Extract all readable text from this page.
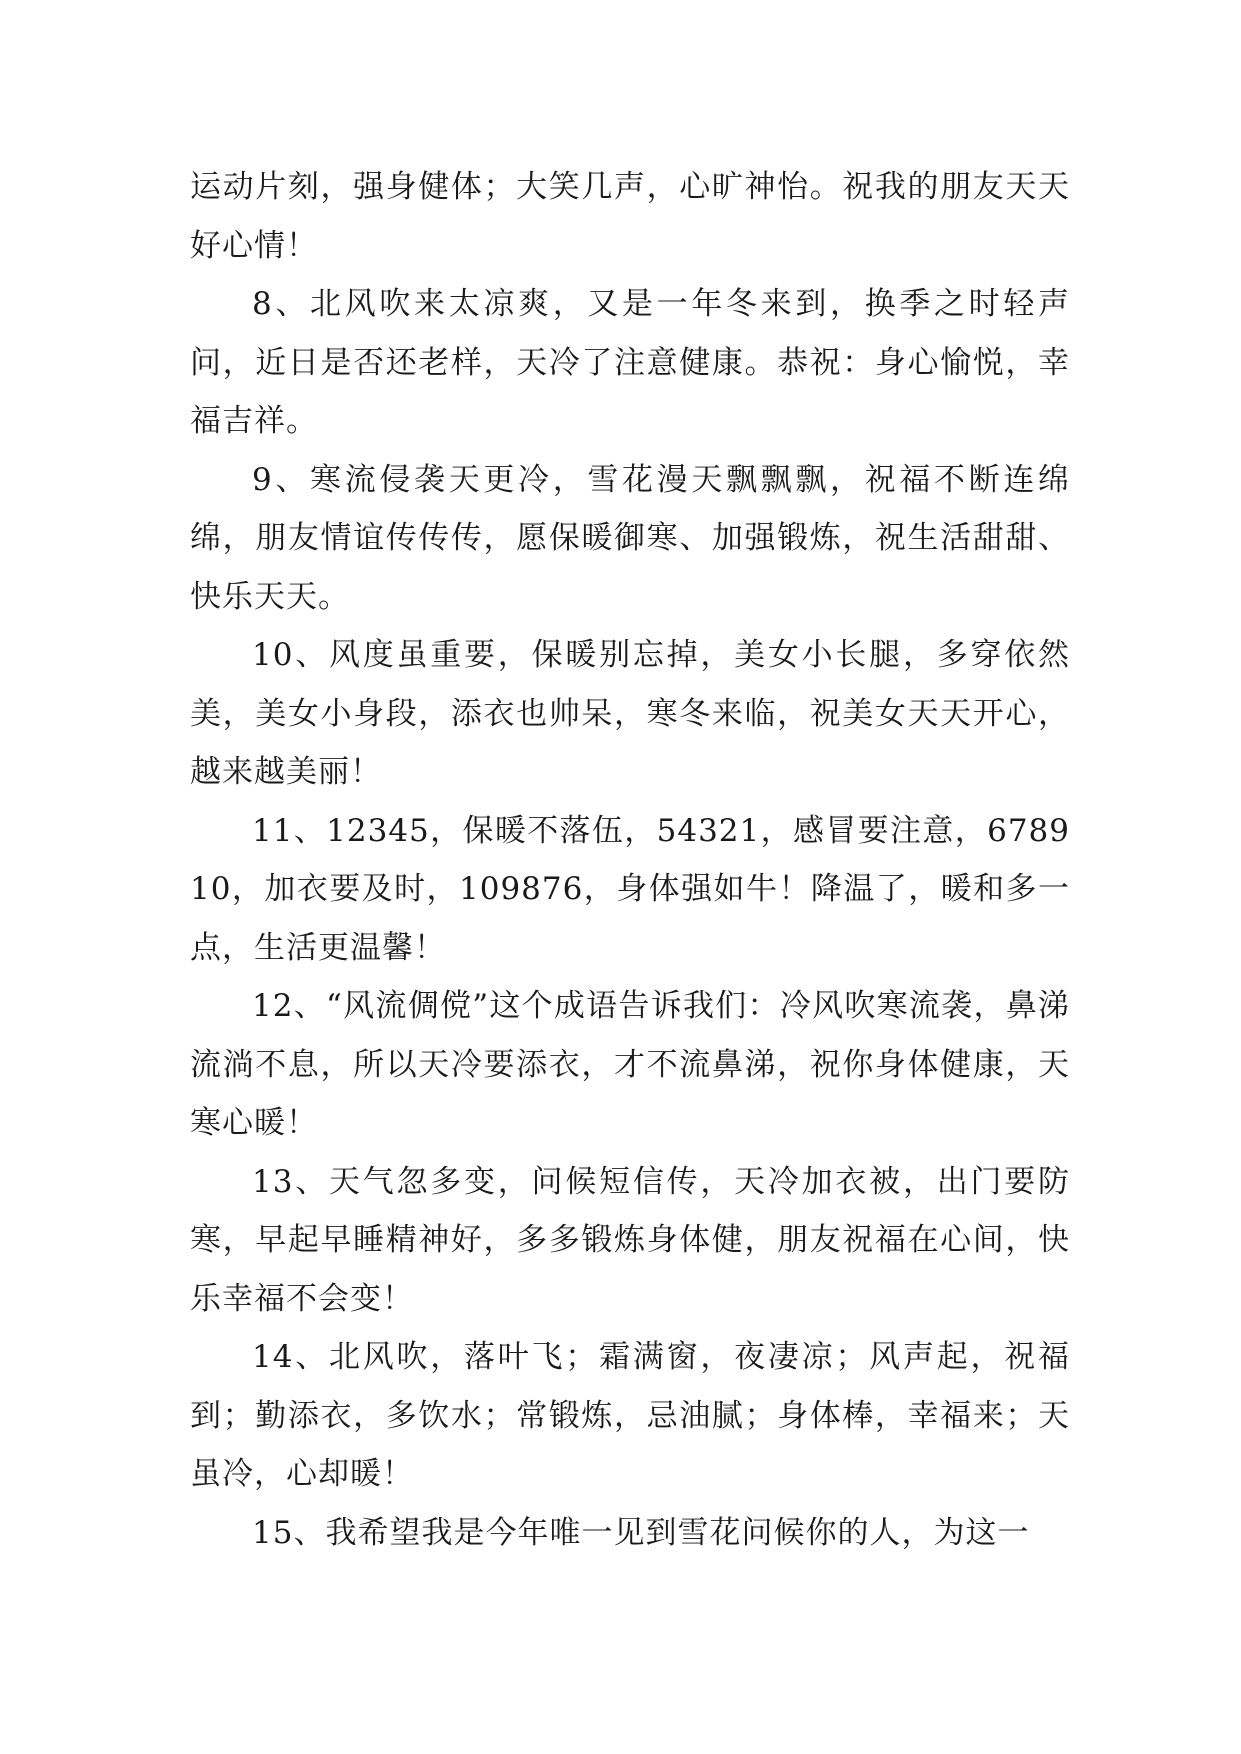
运动片刻，强身健体；大笑几声，心旷神怡。祝我的朋友天天好心情！

8、北风吹来太凉爽，又是一年冬来到，换季之时轻声问，近日是否还老样，天冷了注意健康。恭祝：身心愉悦，幸福吉祥。

9、寒流侵袭天更冷，雪花漫天飘飘飘，祝福不断连绵绵，朋友情谊传传传，愿保暖御寒、加强锻炼，祝生活甜甜、快乐天天。

10、风度虽重要，保暖别忘掉，美女小长腿，多穿依然美，美女小身段，添衣也帅呆，寒冬来临，祝美女天天开心，越来越美丽！

11、12345，保暖不落伍，54321，感冒要注意，678910，加衣要及时，109876，身体强如牛！降温了，暖和多一点，生活更温馨！

12、“风流倜傥”这个成语告诉我们：冷风吹寒流袭，鼻涕流淌不息，所以天冷要添衣，才不流鼻涕，祝你身体健康，天寒心暖！

13、天气忽多变，问候短信传，天冷加衣被，出门要防寒，早起早睡精神好，多多锻炼身体健，朋友祝福在心间，快乐幸福不会变！

14、北风吹，落叶飞；霜满窗，夜凄凉；风声起，祝福到；勤添衣，多饮水；常锻炼，忌油腻；身体棒，幸福来；天虽冷，心却暖！

15、我希望我是今年唯一见到雪花问候你的人，为这一
